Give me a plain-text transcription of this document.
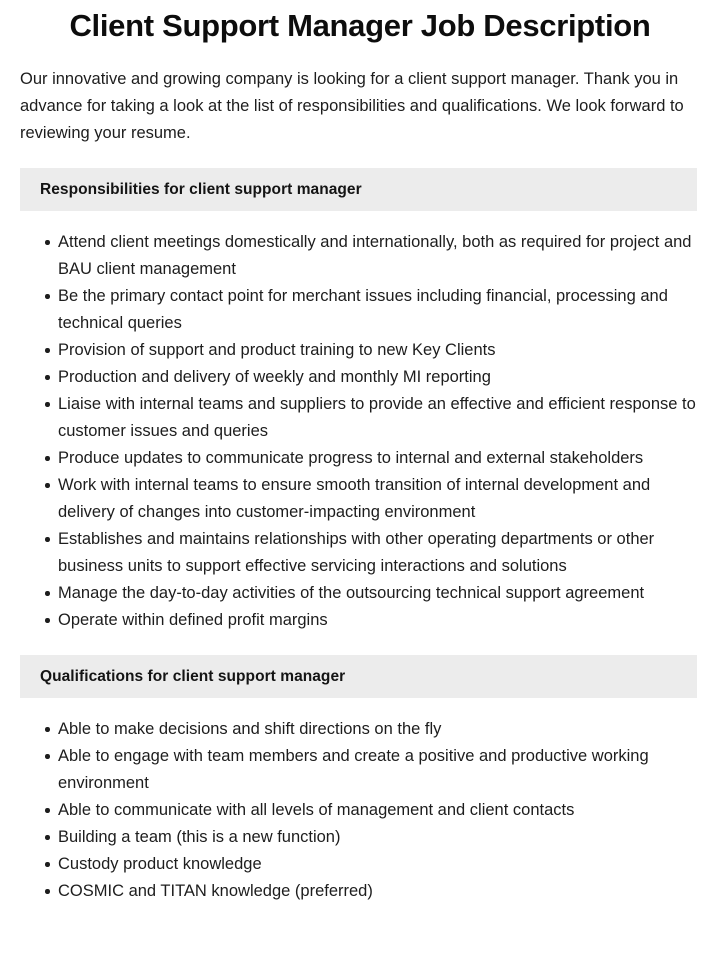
Client Support Manager Job Description

Our innovative and growing company is looking for a client support manager. Thank you in advance for taking a look at the list of responsibilities and qualifications. We look forward to reviewing your resume.

Responsibilities for client support manager
Attend client meetings domestically and internationally, both as required for project and BAU client management
Be the primary contact point for merchant issues including financial, processing and technical queries
Provision of support and product training to new Key Clients
Production and delivery of weekly and monthly MI reporting
Liaise with internal teams and suppliers to provide an effective and efficient response to customer issues and queries
Produce updates to communicate progress to internal and external stakeholders
Work with internal teams to ensure smooth transition of internal development and delivery of changes into customer-impacting environment
Establishes and maintains relationships with other operating departments or other business units to support effective servicing interactions and solutions
Manage the day-to-day activities of the outsourcing technical support agreement
Operate within defined profit margins
Qualifications for client support manager
Able to make decisions and shift directions on the fly
Able to engage with team members and create a positive and productive working environment
Able to communicate with all levels of management and client contacts
Building a team (this is a new function)
Custody product knowledge
COSMIC and TITAN knowledge (preferred)
